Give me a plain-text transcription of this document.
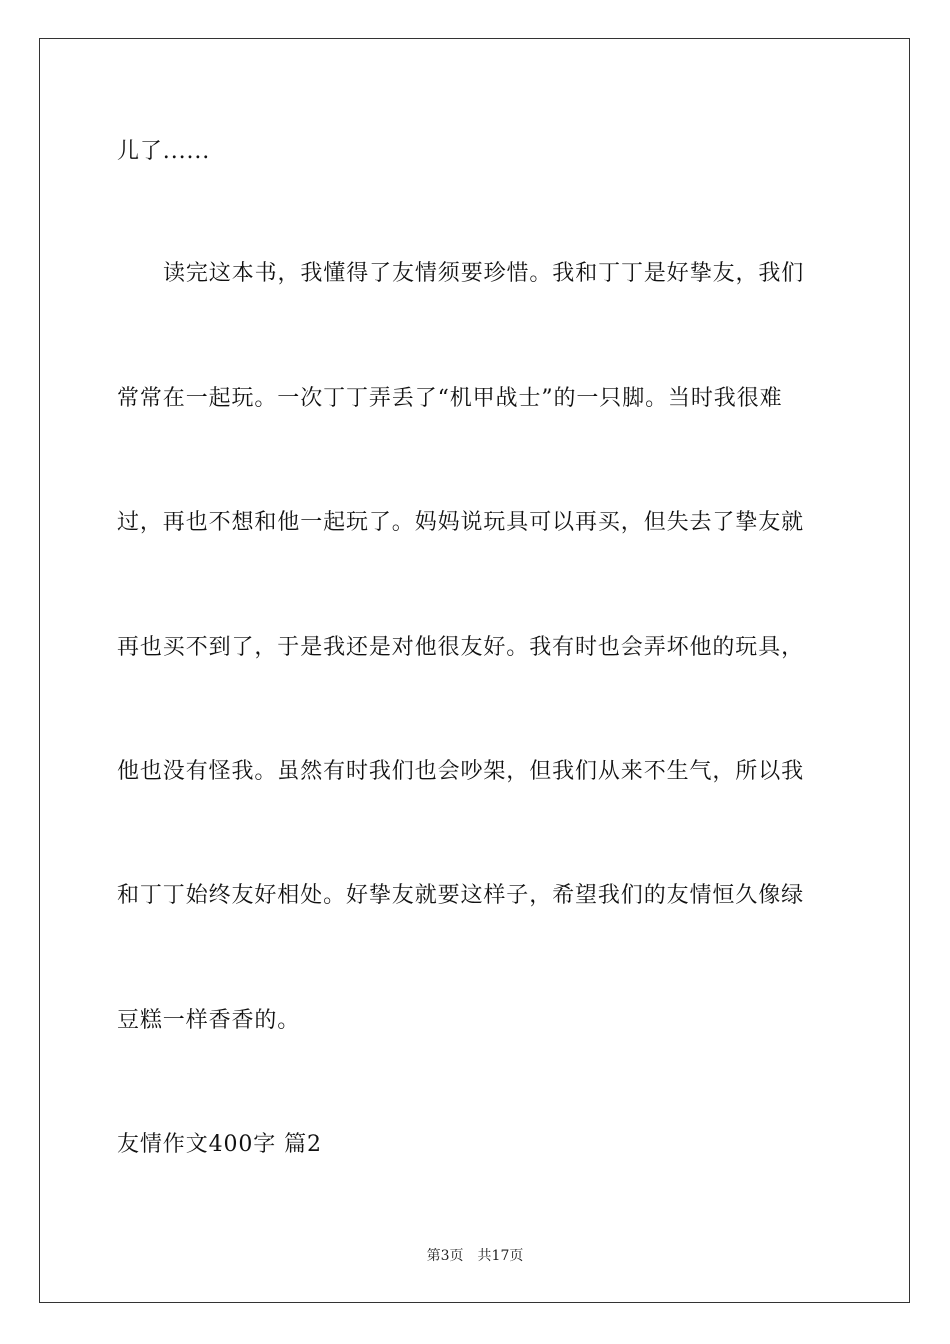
儿了......
读完这本书，我懂得了友情须要珍惜。我和丁丁是好挚友，我们
常常在一起玩。一次丁丁弄丢了“机甲战士”的一只脚。当时我很难
过，再也不想和他一起玩了。妈妈说玩具可以再买，但失去了挚友就
再也买不到了，于是我还是对他很友好。我有时也会弄坏他的玩具，
他也没有怪我。虽然有时我们也会吵架，但我们从来不生气，所以我
和丁丁始终友好相处。好挚友就要这样子，希望我们的友情恒久像绿
豆糕一样香香的。
友情作文400字 篇2
第3页 共17页
